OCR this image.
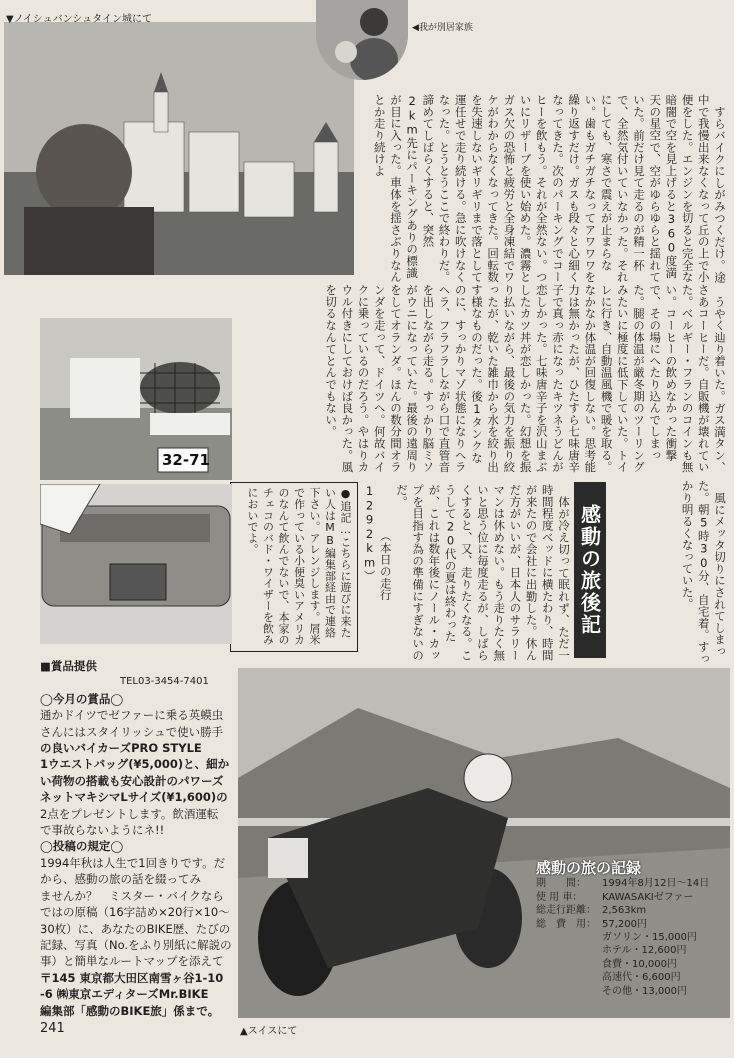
▼ノイシュバンシュタイン城にて
◀我が別居家族

すらバイクにしがみつくだけ。途中で我慢出来なくなって丘の上で小便をした。エンジンを切ると完全な暗闇で空を見上げると360度満天の星空で、空がゆらゆらと揺れていた。前だけ見て走るのが精一杯で、全然気付いていなかった。それにしても、寒さで震えが止まらない。歯もガチガチなってアワワワを繰り返すだけ。ガスも段々と心細くなってきた。次のパーキングでコーヒーを飲もう。それが全然ない。ついにリザーブを使い始めた。濃霧とガス欠の恐怖と疲労と全身凍結でワケがわからなくなってきた。回転数を失速しないギリギリまで落として運任せで走り続ける。急に吹けなくなった。とうとうここで終わりだ。諦めてしばらくすると、突然2km先にパーキングありの標識が目に入った。車体を揺さぶりなんとか走り続けよ

うやく辿り着いた。ガス満タン、さあコーヒーだ。自販機が壊れていた。ベルギー・フランのコインも無い。コーヒーの飲めなかった衝撃で、その場にへたり込んでしまった。腿の体温が厳冬期のツーリングみたいに極度に低下していた。トイレに行き、自動温風機で暖を取る。なかなか体温が回復しない。思考能力は無かったが、ひたすら七味唐辛子で真っ赤になったキツネうどんが恋しかった。七味唐辛子を沢山まぶしたカツ丼が恋しかった。幻想を振り払いながら、最後の気力を振り絞ったが、乾いた雑巾から水を絞り出す様なものだった。後1タンクなのに、すっかりマゾ状態になりヘラヘラ、フラフラしながら口で直管音を出しながら走る。すっかり脳ミソがウニになっていた。最後の遠周りをしてオランダ。ほんの数分間オランダを走って、ドイツへ。何故バイクに乗っているのだろう。やはりカウル付きにしておけば良かった。風を切るなんてとんでもない。

風にメッタ切りにされてしまった。朝5時30分、自宅着。すっかり明るくなっていた。

感動の旅後記

体が冷え切って眠れず、ただ一時間程度ベッドに横たわり、時間が来たので会社に出勤した。休んだ方がいいが、日本人のサラリーマンは休めない。もう走りたく無いと思う位に毎度走るが、しばらくすると、又、走りたくなる。こうして20代の夏は終わったが、これは数年後にノール・カップを目指す為の準備にすぎないのだ。

（本日の走行1292km）

●追記…こちらに遊びに来たい人はMB編集部経由で連絡下さい。アレンジします。屑米で作っている小便臭いアメリカのなんて飲んでないで、本家のチェコのバド・ワイザーを飲みにおいでよ。

32-71
■賞品提供
TEL03-3454-7401
◯今月の賞品◯
通かドイツでゼファーに乗る英蟆虫
さんにはスタイリッシュで使い勝手
の良いバイカーズPRO STYLE
1ウエストバッグ(¥5,000)と、細か
い荷物の搭載も安心設計のパワーズ
ネットマキシマLサイズ(¥1,600)の
2点をプレゼントします。飲酒運転
で事故らないようにネ!!
◯投稿の規定◯
1994年秋は人生で1回きりです。だ
から、感動の旅の話を綴ってみ
ませんか？　ミスター・バイクなら
ではの原稿（16字詰め×20行×10～
30枚）に、あなたのBIKE歴、たびの
記録、写真（No.をふり別紙に解説の
事）と簡単なルートマップを添えて
〒145 東京都大田区南雪ヶ谷1-10
-6 ㈱東京エディターズMr.BIKE
編集部「感動のBIKE旅」係まで。
241	▲スイスにて
感動の旅の記録
期　　間：	1994年8月12日〜14日
使 用 車：	KAWASAKIゼファー
総走行距離： 2,563km
総　費　用： 57,200円
ガソリン・15,000円
ホテル・12,600円
食費・10,000円
高速代・6,600円
その他・13,000円
